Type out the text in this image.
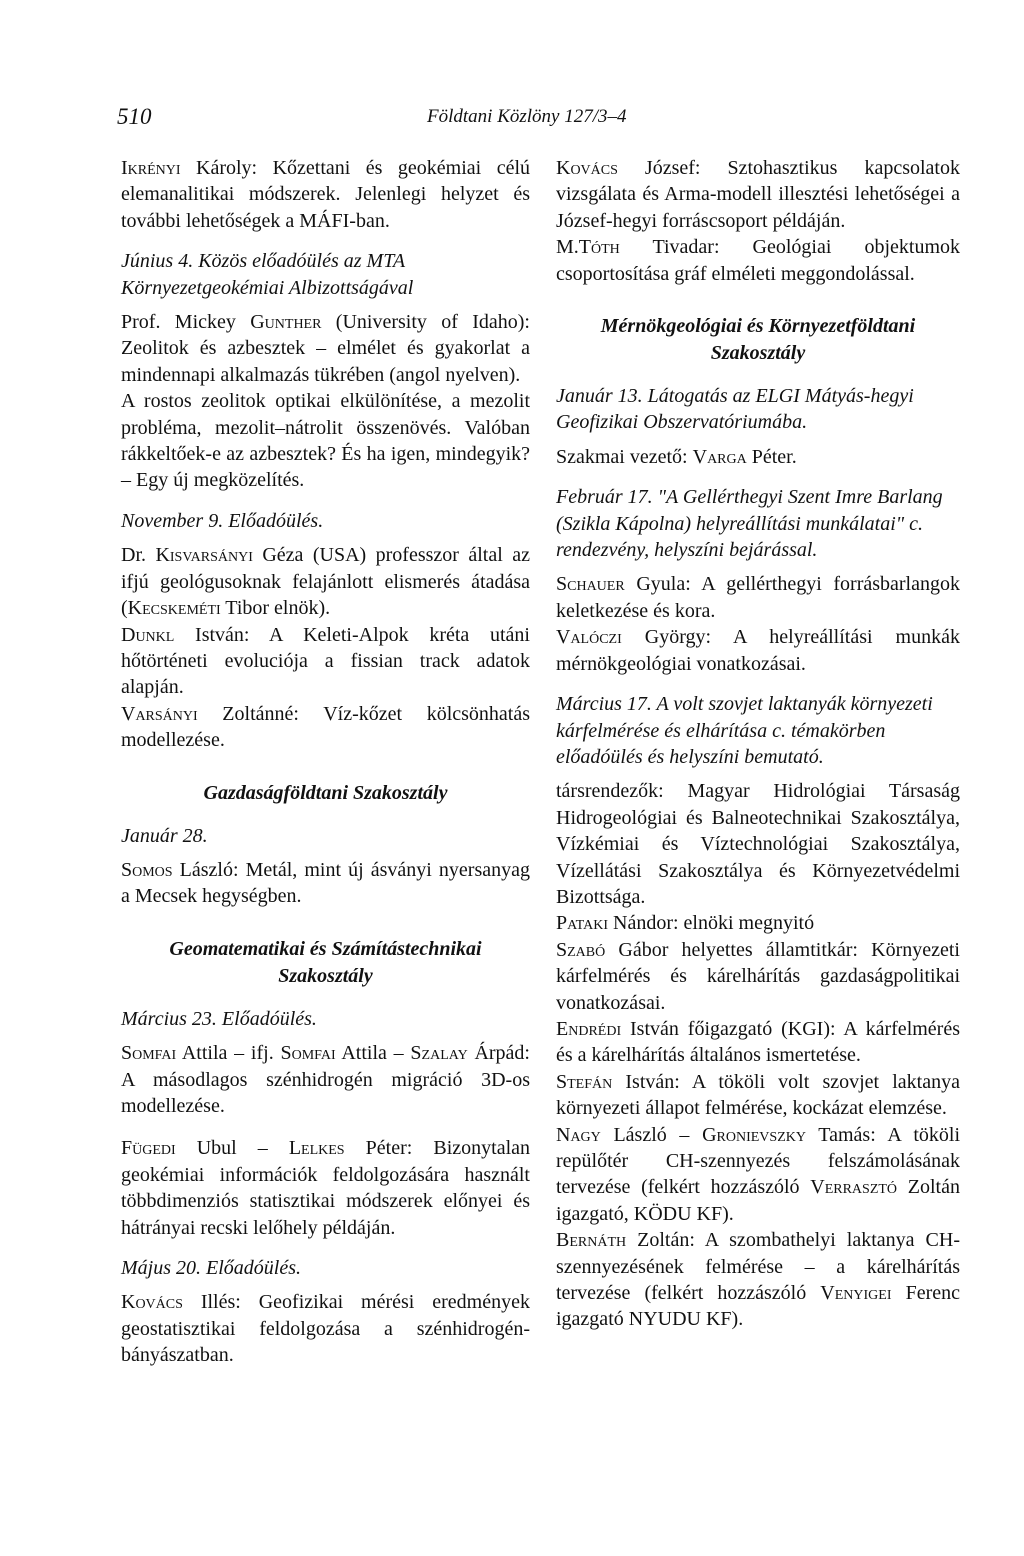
510	Földtani Közlöny 127/3–4

Ikrényi Károly: Kőzettani és geokémiai célú elemanalitikai módszerek. Jelenlegi helyzet és további lehetőségek a MÁFI-ban.

Június 4. Közös előadóülés az MTA Környezetgeokémiai Albizottságával

Prof. Mickey Gunther (University of Idaho): Zeolitok és azbesztek – elmélet és gyakorlat a mindennapi alkalmazás tükrében (angol nyelven).

A rostos zeolitok optikai elkülönítése, a mezolit probléma, mezolit–nátrolit összenövés. Valóban rákkeltőek-e az azbesztek? És ha igen, mindegyik? – Egy új megközelítés.

November 9. Előadóülés.

Dr. Kisvarsányi Géza (USA) professzor által az ifjú geológusoknak felajánlott elismerés átadása (Kecskeméti Tibor elnök).

Dunkl István: A Keleti-Alpok kréta utáni hőtörténeti evoluciója a fissian track adatok alapján.

Varsányi Zoltánné: Víz-kőzet kölcsönhatás modellezése.

Gazdaságföldtani Szakosztály
Január 28.

Somos László: Metál, mint új ásványi nyersanyag a Mecsek hegységben.

Geomatematikai és Számítástechnikai Szakosztály
Március 23. Előadóülés.

Somfai Attila – ifj. Somfai Attila – Szalay Árpád: A másodlagos szénhidrogén migráció 3D-os modellezése.

Fügedi Ubul – Lelkes Péter: Bizonytalan geokémiai információk feldolgozására használt többdimenziós statisztikai módszerek előnyei és hátrányai recski lelőhely példáján.

Május 20. Előadóülés.

Kovács Illés: Geofizikai mérési eredmények geostatisztikai feldolgozása a szénhidrogén-bányászatban.

Kovács József: Sztohasztikus kapcsolatok vizsgálata és Arma-modell illesztési lehetőségei a József-hegyi forráscsoport példáján.

M.Tóth Tivadar: Geológiai objektumok csoportosítása gráf elméleti meggondolással.

Mérnökgeológiai és Környezetföldtani Szakosztály
Január 13. Látogatás az ELGI Mátyás-hegyi Geofizikai Obszervatóriumába.

Szakmai vezető: Varga Péter.

Február 17. "A Gellérthegyi Szent Imre Barlang (Szikla Kápolna) helyreállítási munkálatai" c. rendezvény, helyszíni bejárással.

Schauer Gyula: A gellérthegyi forrásbarlangok keletkezése és kora.

Valóczi György: A helyreállítási munkák mérnökgeológiai vonatkozásai.

Március 17. A volt szovjet laktanyák környezeti kárfelmérése és elhárítása c. témakörben előadóülés és helyszíni bemutató.

társrendezők: Magyar Hidrológiai Társaság Hidrogeológiai és Balneotechnikai Szakosztálya, Vízkémiai és Víztechnológiai Szakosztálya, Vízellátási Szakosztálya és Környezetvédelmi Bizottsága.

Pataki Nándor: elnöki megnyitó

Szabó Gábor helyettes államtitkár: Környezeti kárfelmérés és kárelhárítás gazdaságpolitikai vonatkozásai.

Endrédi István főigazgató (KGI): A kárfelmérés és a kárelhárítás általános ismertetése.

Stefán István: A tököli volt szovjet laktanya környezeti állapot felmérése, kockázat elemzése.

Nagy László – Gronievszky Tamás: A tököli repülőtér CH-szennyezés felszámolásának tervezése (felkért hozzászóló Verrasztó Zoltán igazgató, KÖDU KF).

Bernáth Zoltán: A szombathelyi laktanya CH-szennyezésének felmérése – a kárelhárítás tervezése (felkért hozzászóló Venyigei Ferenc igazgató NYUDU KF).
